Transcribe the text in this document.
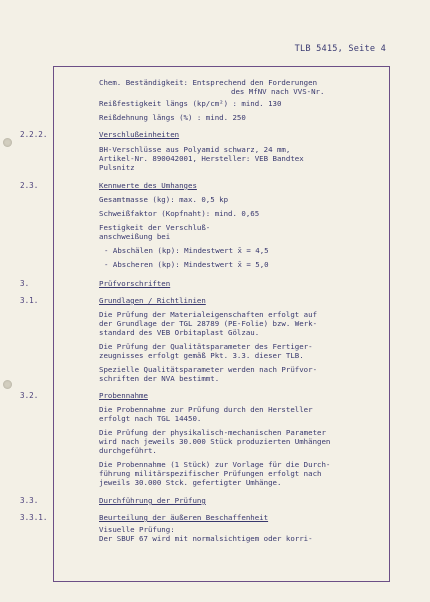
TLB 5415, Seite 4
Chem. Beständigkeit: Entsprechend den Forderungen
des MfNV nach VVS-Nr.
Reißfestigkeit längs (kp/cm²) : mind. 130
Reißdehnung längs (%) : mind. 250
2.2.2.	Verschlußeinheiten
BH-Verschlüsse aus Polyamid schwarz, 24 mm,
Artikel-Nr. 890042001, Hersteller: VEB Bandtex
Pulsnitz
2.3.	Kennwerte des Umhanges
Gesamtmasse (kg): max. 0,5 kp
Schweißfaktor (Kopfnaht): mind. 0,65
Festigkeit der Verschluß-
anschweißung bei
- Abschälen (kp): Mindestwert x̄ = 4,5
- Abscheren (kp): Mindestwert x̄ = 5,0
3.	Prüfvorschriften
3.1.	Grundlagen / Richtlinien
Die Prüfung der Materialeigenschaften erfolgt auf
der Grundlage der TGL 28789 (PE-Folie) bzw. Werk-
standard des VEB Orbitaplast Gölzau.
Die Prüfung der Qualitätsparameter des Fertiger-
zeugnisses erfolgt gemäß Pkt. 3.3. dieser TLB.
Spezielle Qualitätsparameter werden nach Prüfvor-
schriften der NVA bestimmt.
3.2.	Probennahme
Die Probennahme zur Prüfung durch den Hersteller
erfolgt nach TGL 14450.
Die Prüfung der physikalisch-mechanischen Parameter
wird nach jeweils 30.000 Stück produzierten Umhängen
durchgeführt.
Die Probennahme (1 Stück) zur Vorlage für die Durch-
führung militärspezifischer Prüfungen erfolgt nach
jeweils 30.000 Stck. gefertigter Umhänge.
3.3.	Durchführung der Prüfung
3.3.1.	Beurteilung der äußeren Beschaffenheit
Visuelle Prüfung:
Der SBUF 67 wird mit normalsichtigem oder korri-
